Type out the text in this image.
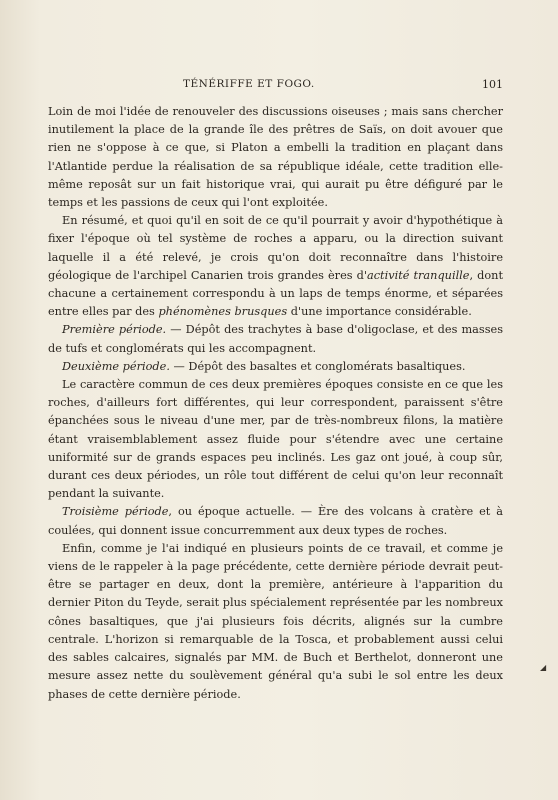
TÉNÉRIFFE ET FOGO.	101

Loin de moi l'idée de renouveler des discussions oiseuses ; mais sans chercher inutilement la place de la grande île des prêtres de Saïs, on doit avouer que rien ne s'oppose à ce que, si Platon a embelli la tradition en plaçant dans l'Atlantide perdue la réalisation de sa république idéale, cette tradition elle-même reposât sur un fait historique vrai, qui aurait pu être défiguré par le temps et les passions de ceux qui l'ont exploitée.

En résumé, et quoi qu'il en soit de ce qu'il pourrait y avoir d'hypothétique à fixer l'époque où tel système de roches a apparu, ou la direction suivant laquelle il a été relevé, je crois qu'on doit reconnaître dans l'histoire géologique de l'archipel Canarien trois grandes ères d'activité tranquille, dont chacune a certainement correspondu à un laps de temps énorme, et séparées entre elles par des phénomènes brusques d'une importance considérable.

Première période. — Dépôt des trachytes à base d'oligoclase, et des masses de tufs et conglomérats qui les accompagnent.

Deuxième période. — Dépôt des basaltes et conglomérats basaltiques.

Le caractère commun de ces deux premières époques consiste en ce que les roches, d'ailleurs fort différentes, qui leur correspondent, paraissent s'être épanchées sous le niveau d'une mer, par de très-nombreux filons, la matière étant vraisemblablement assez fluide pour s'étendre avec une certaine uniformité sur de grands espaces peu inclinés. Les gaz ont joué, à coup sûr, durant ces deux périodes, un rôle tout différent de celui qu'on leur reconnaît pendant la suivante.

Troisième période, ou époque actuelle. — Ère des volcans à cratère et à coulées, qui donnent issue concurremment aux deux types de roches.

Enfin, comme je l'ai indiqué en plusieurs points de ce travail, et comme je viens de le rappeler à la page précédente, cette dernière période devrait peut-être se partager en deux, dont la première, antérieure à l'apparition du dernier Piton du Teyde, serait plus spécialement représentée par les nombreux cônes basaltiques, que j'ai plusieurs fois décrits, alignés sur la cumbre centrale. L'horizon si remarquable de la Tosca, et probablement aussi celui des sables calcaires, signalés par MM. de Buch et Berthelot, donneront une mesure assez nette du soulèvement général qu'a subi le sol entre les deux phases de cette dernière période.

◢
